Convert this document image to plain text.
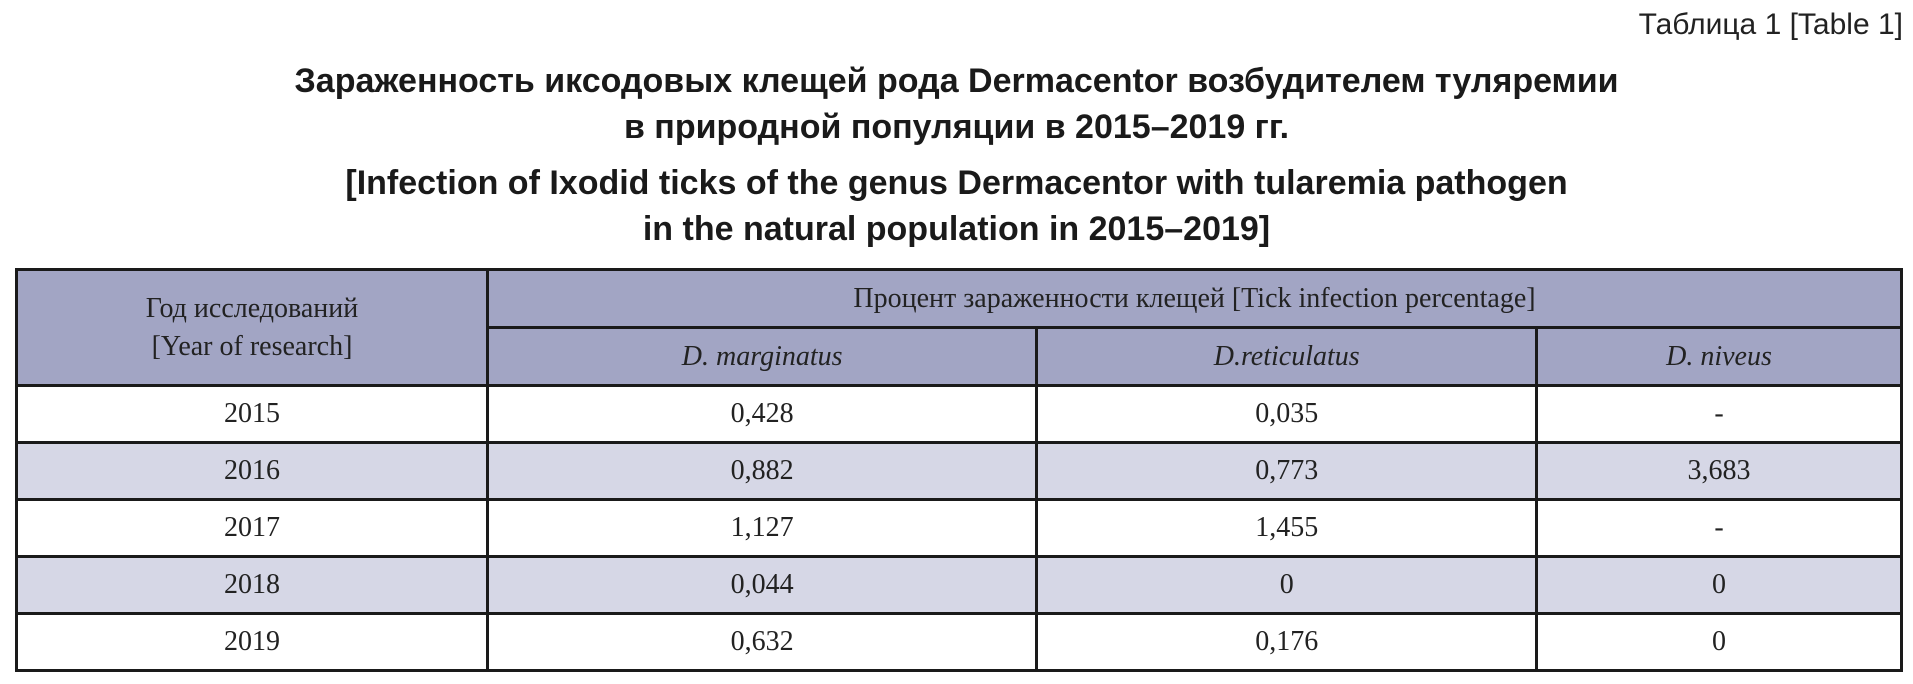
Таблица 1 [Table 1]

Зараженность иксодовых клещей рода Dermacentor возбудителем туляремии
в природной популяции в 2015–2019 гг.

[Infection of Ixodid ticks of the genus Dermacentor with tularemia pathogen
in the natural population in 2015–2019]

Год исследований
[Year of research]	Процент зараженности клещей [Tick infection percentage]		
	D. marginatus	D.reticulatus	D. niveus
2015	0,428	0,035	-
2016	0,882	0,773	3,683
2017	1,127	1,455	-
2018	0,044	0	0
2019	0,632	0,176	0
